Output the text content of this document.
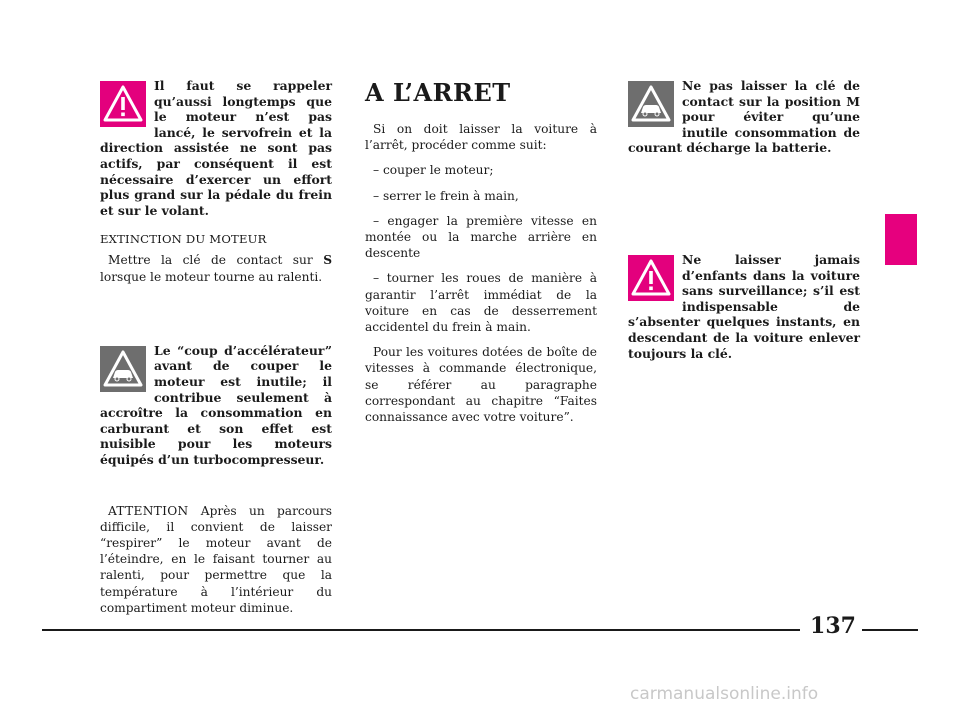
Il faut se rappeler qu’aussi longtemps que le moteur n’est pas lancé, le servofrein et la direction assistée ne sont pas actifs, par conséquent il est nécessaire d’exercer un effort plus grand sur la pédale du frein et sur le volant.

EXTINCTION DU MOTEUR

Mettre la clé de contact sur S lorsque le moteur tourne au ralenti.

Le “coup d’accélérateur” avant de couper le moteur est inutile; il contribue seulement à accroître la consommation en carburant et son effet est nuisible pour les moteurs équipés d’un turbocompresseur.

ATTENTION Après un parcours difficile, il convient de laisser “respirer” le moteur avant de l’éteindre, en le faisant tourner au ralenti, pour permettre que la température à l’intérieur du compartiment moteur diminue.

A L’ARRET

Si on doit laisser la voiture à l’arrêt, procéder comme suit:

– couper le moteur;

– serrer le frein à main,

– engager la première vitesse en montée ou la marche arrière en descente

– tourner les roues de manière à garantir l’arrêt immédiat de la voiture en cas de desserrement accidentel du frein à main.

Pour les voitures dotées de boîte de vitesses à commande électronique, se référer au paragraphe correspondant au chapitre “Faites connaissance avec votre voiture”.

Ne pas laisser la clé de contact sur la position M pour éviter qu’une inutile consommation de courant décharge la batterie.

Ne laisser jamais d’enfants dans la voiture sans surveillance; s’il est indispensable de s’absenter quelques instants, en descendant de la voiture enlever toujours la clé.

137
carmanualsonline.info
